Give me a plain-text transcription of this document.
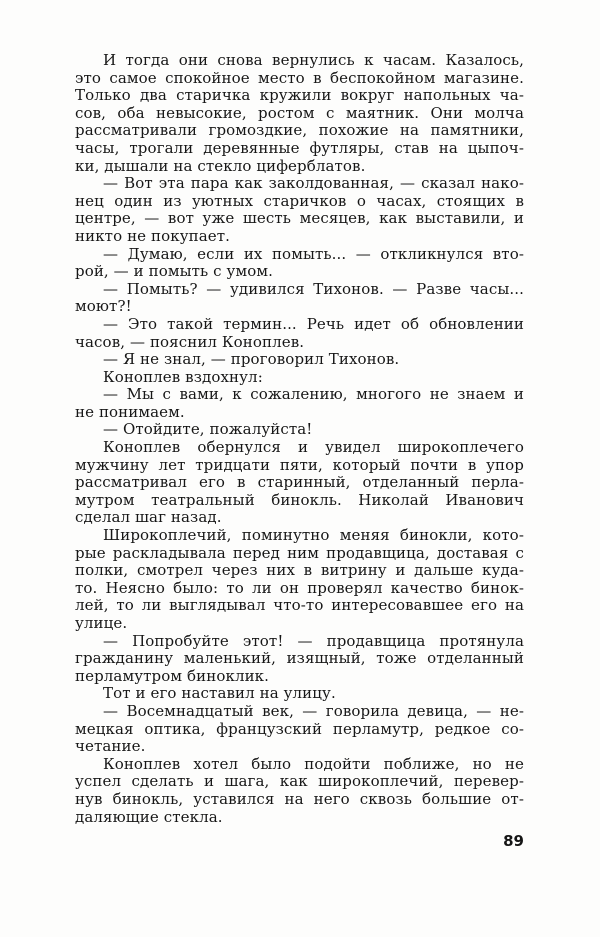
И тогда они снова вернулись к часам. Казалось,
это самое спокойное место в беспокойном магазине.
Только два старичка кружили вокруг напольных ча-
сов, оба невысокие, ростом с маятник. Они молча
рассматривали громоздкие, похожие на памятники,
часы, трогали деревянные футляры, став на цыпоч-
ки, дышали на стекло циферблатов.
— Вот эта пара как заколдованная, — сказал нако-
нец один из уютных старичков о часах, стоящих в
центре, — вот уже шесть месяцев, как выставили, и
никто не покупает.
— Думаю, если их помыть... — откликнулся вто-
рой, — и помыть с умом.
— Помыть? — удивился Тихонов. — Разве часы...
моют?!
— Это такой термин... Речь идет об обновлении
часов, — пояснил Коноплев.
— Я не знал, — проговорил Тихонов.
Коноплев вздохнул:
— Мы с вами, к сожалению, многого не знаем и
не понимаем.
— Отойдите, пожалуйста!
Коноплев обернулся и увидел широкоплечего
мужчину лет тридцати пяти, который почти в упор
рассматривал его в старинный, отделанный перла-
мутром театральный бинокль. Николай Иванович
сделал шаг назад.
Широкоплечий, поминутно меняя бинокли, кото-
рые раскладывала перед ним продавщица, доставая с
полки, смотрел через них в витрину и дальше куда-
то. Неясно было: то ли он проверял качество бинок-
лей, то ли выглядывал что-то интересовавшее его на
улице.
— Попробуйте этот! — продавщица протянула
гражданину маленький, изящный, тоже отделанный
перламутром биноклик.
Тот и его наставил на улицу.
— Восемнадцатый век, — говорила девица, — не-
мецкая оптика, французский перламутр, редкое со-
четание.
Коноплев хотел было подойти поближе, но не
успел сделать и шага, как широкоплечий, перевер-
нув бинокль, уставился на него сквозь большие от-
даляющие стекла.
89
